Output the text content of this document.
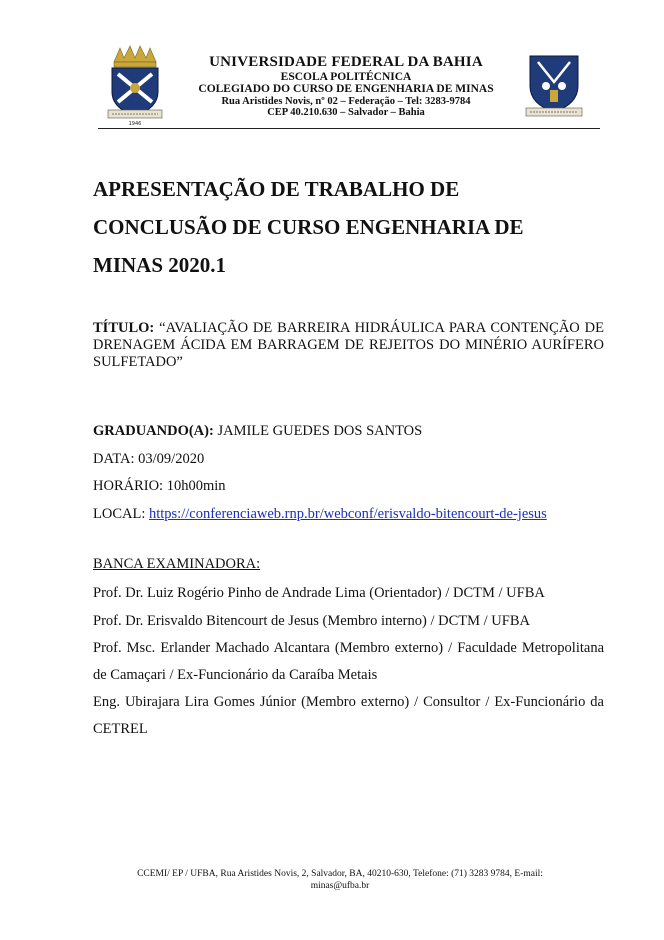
1946
UNIVERSIDADE FEDERAL DA BAHIA
ESCOLA POLITÉCNICA
COLEGIADO DO CURSO DE ENGENHARIA DE MINAS
Rua Aristides Novis, nº 02 – Federação – Tel: 3283-9784
CEP 40.210.630 – Salvador – Bahia
APRESENTAÇÃO DE TRABALHO DE
CONCLUSÃO DE CURSO ENGENHARIA DE
MINAS 2020.1
TÍTULO: “AVALIAÇÃO DE BARREIRA HIDRÁULICA PARA CONTENÇÃO DE DRENAGEM ÁCIDA EM BARRAGEM DE REJEITOS DO MINÉRIO AURÍFERO SULFETADO”
GRADUANDO(A): JAMILE GUEDES DOS SANTOS
DATA: 03/09/2020
HORÁRIO: 10h00min
LOCAL: https://conferenciaweb.rnp.br/webconf/erisvaldo-bitencourt-de-jesus
BANCA EXAMINADORA:
Prof. Dr. Luiz Rogério Pinho de Andrade Lima (Orientador) / DCTM / UFBA
Prof. Dr. Erisvaldo Bitencourt de Jesus (Membro interno) / DCTM / UFBA
Prof. Msc. Erlander Machado Alcantara (Membro externo) / Faculdade Metropolitana de Camaçari / Ex-Funcionário da Caraíba Metais
Eng. Ubirajara Lira Gomes Júnior (Membro externo) / Consultor / Ex-Funcionário da CETREL
CCEMI/ EP / UFBA, Rua Aristides Novis, 2, Salvador, BA, 40210-630, Telefone: (71) 3283 9784, E-mail:
minas@ufba.br
